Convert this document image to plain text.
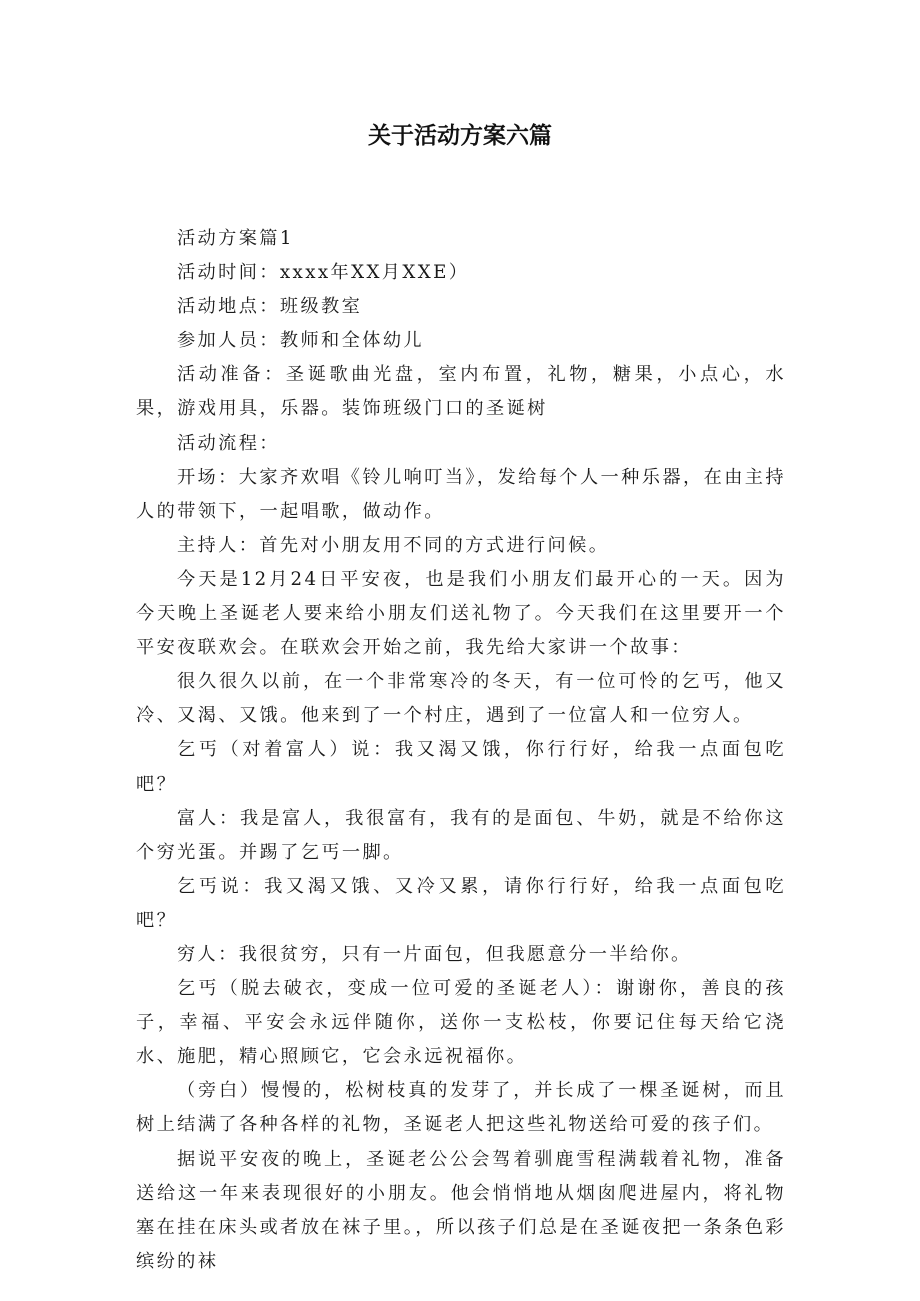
关于活动方案六篇

活动方案篇1

活动时间：xxxx年XX月XXE）

活动地点：班级教室

参加人员：教师和全体幼儿

活动准备：圣诞歌曲光盘，室内布置，礼物，糖果，小点心，水果，游戏用具，乐器。装饰班级门口的圣诞树

活动流程：

开场：大家齐欢唱《铃儿响叮当》，发给每个人一种乐器，在由主持人的带领下，一起唱歌，做动作。

主持人：首先对小朋友用不同的方式进行问候。

今天是12月24日平安夜，也是我们小朋友们最开心的一天。因为今天晚上圣诞老人要来给小朋友们送礼物了。今天我们在这里要开一个平安夜联欢会。在联欢会开始之前，我先给大家讲一个故事：

很久很久以前，在一个非常寒冷的冬天，有一位可怜的乞丐，他又冷、又渴、又饿。他来到了一个村庄，遇到了一位富人和一位穷人。

乞丐（对着富人）说：我又渴又饿，你行行好，给我一点面包吃吧？

富人：我是富人，我很富有，我有的是面包、牛奶，就是不给你这个穷光蛋。并踢了乞丐一脚。

乞丐说：我又渴又饿、又冷又累，请你行行好，给我一点面包吃吧？

穷人：我很贫穷，只有一片面包，但我愿意分一半给你。

乞丐（脱去破衣，变成一位可爱的圣诞老人）：谢谢你，善良的孩子，幸福、平安会永远伴随你，送你一支松枝，你要记住每天给它浇水、施肥，精心照顾它，它会永远祝福你。

（旁白）慢慢的，松树枝真的发芽了，并长成了一棵圣诞树，而且树上结满了各种各样的礼物，圣诞老人把这些礼物送给可爱的孩子们。

据说平安夜的晚上，圣诞老公公会驾着驯鹿雪程满载着礼物，准备送给这一年来表现很好的小朋友。他会悄悄地从烟囱爬进屋内，将礼物塞在挂在床头或者放在袜子里。，所以孩子们总是在圣诞夜把一条条色彩缤纷的袜
